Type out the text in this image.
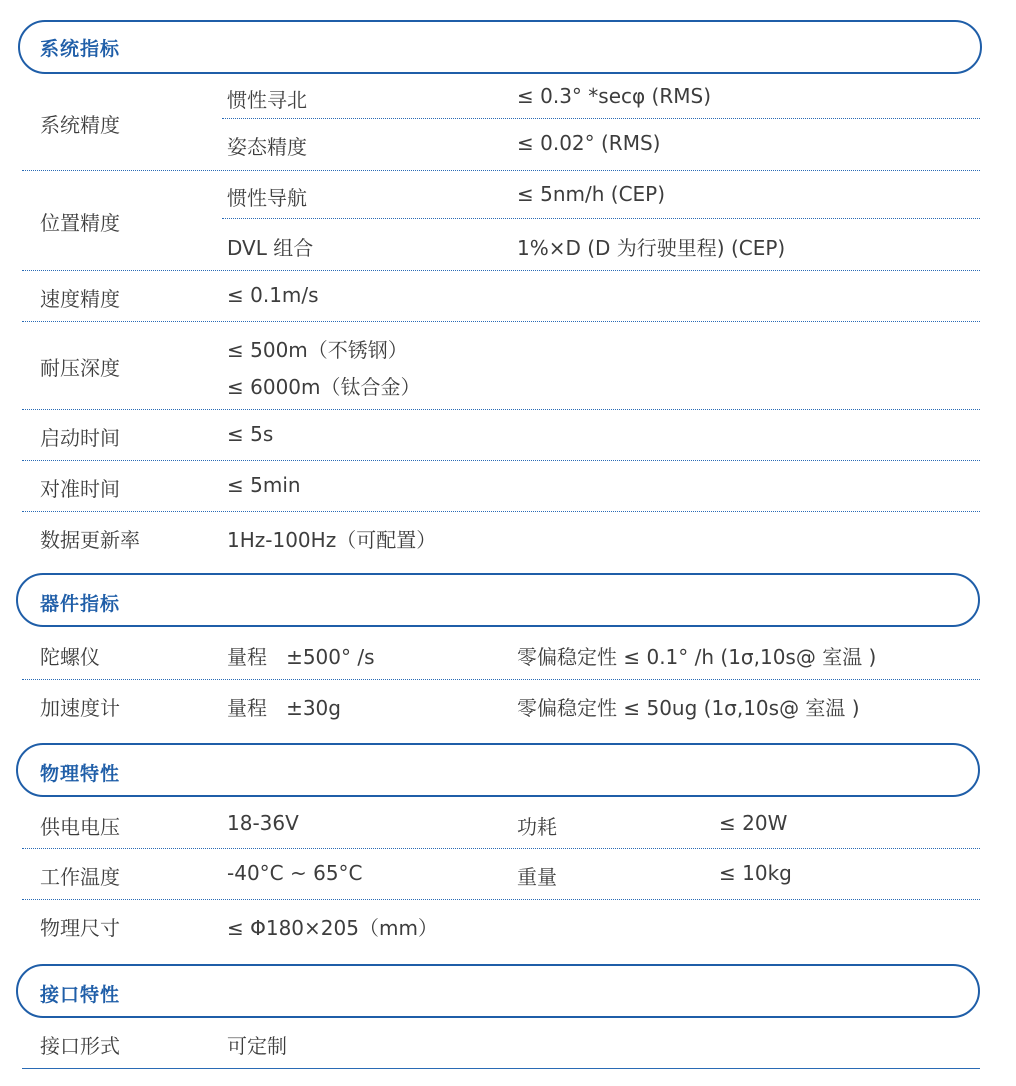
系统指标
系统精度
惯性寻北	≤ 0.3° *secφ (RMS)
姿态精度	≤ 0.02° (RMS)
位置精度
惯性导航	≤ 5nm/h (CEP)
DVL 组合	1%×D (D 为行驶里程) (CEP)
速度精度	≤ 0.1m/s
耐压深度
≤ 500m（不锈钢）
≤ 6000m（钛合金）
启动时间	≤ 5s
对准时间	≤ 5min
数据更新率	1Hz-100Hz（可配置）
器件指标
陀螺仪	量程   ±500° /s	零偏稳定性 ≤ 0.1° /h (1σ,10s@ 室温 )
加速度计	量程   ±30g	零偏稳定性 ≤ 50ug (1σ,10s@ 室温 )
物理特性
供电电压	18-36V	功耗	≤ 20W
工作温度	-40°C ~ 65°C	重量	≤ 10kg
物理尺寸	≤ Φ180×205（mm）
接口特性
接口形式	可定制
